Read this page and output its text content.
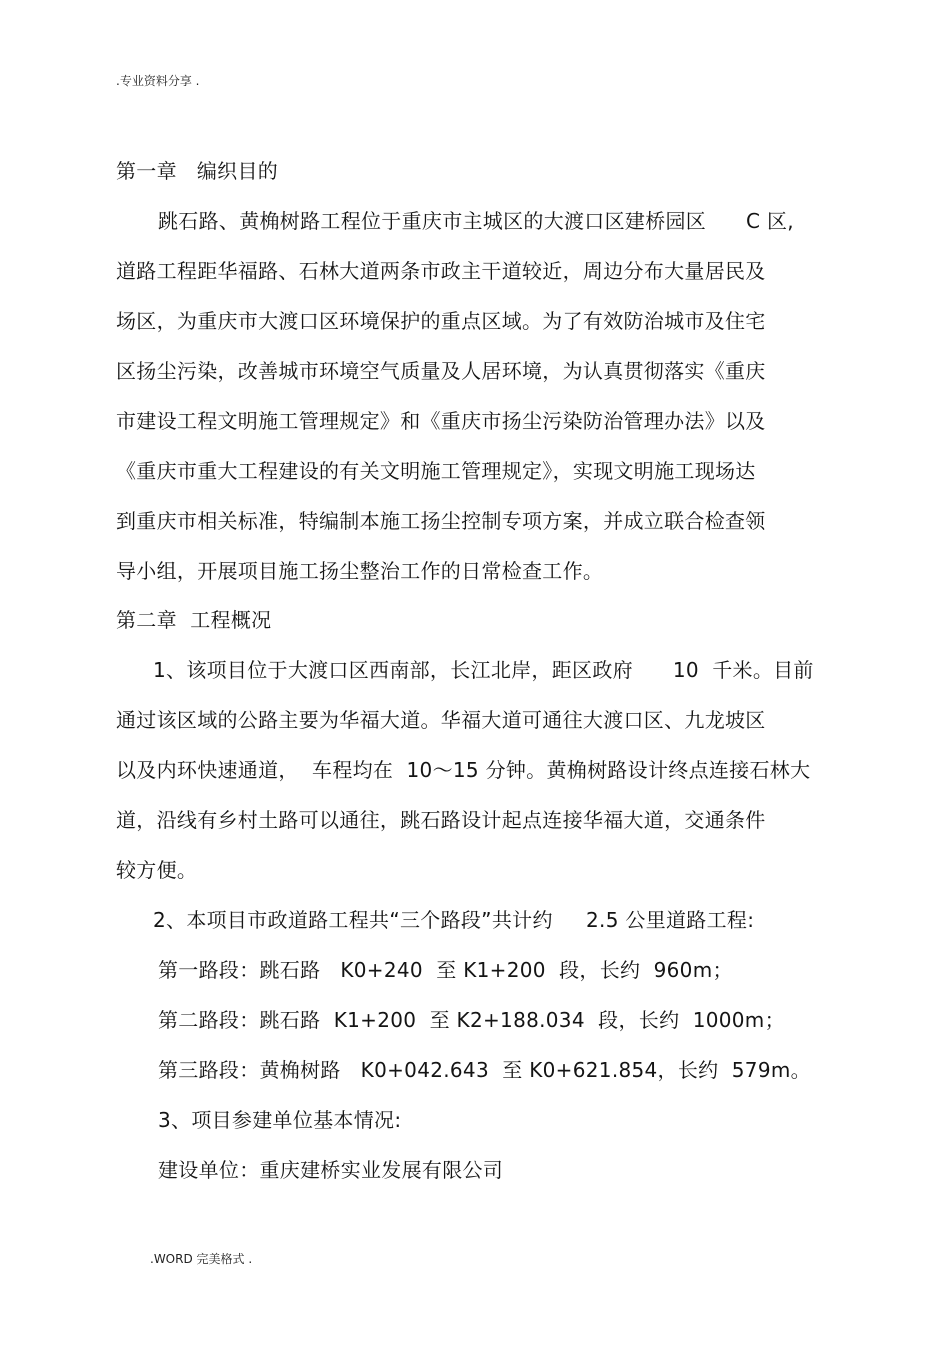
.专业资料分享 .

第一章   编织目的

跳石路、黄桷树路工程位于重庆市主城区的大渡口区建桥园区      C 区,

道路工程距华福路、石林大道两条市政主干道较近，周边分布大量居民及

场区，为重庆市大渡口区环境保护的重点区域。为了有效防治城市及住宅

区扬尘污染，改善城市环境空气质量及人居环境，为认真贯彻落实《重庆

市建设工程文明施工管理规定》和《重庆市扬尘污染防治管理办法》以及

《重庆市重大工程建设的有关文明施工管理规定》，实现文明施工现场达

到重庆市相关标准，特编制本施工扬尘控制专项方案，并成立联合检查领

导小组，开展项目施工扬尘整治工作的日常检查工作。

第二章  工程概况

1、该项目位于大渡口区西南部，长江北岸，距区政府      10  千米。目前

通过该区域的公路主要为华福大道。华福大道可通往大渡口区、九龙坡区

以及内环快速通道，  车程均在  10～15 分钟。黄桷树路设计终点连接石林大

道，沿线有乡村土路可以通往，跳石路设计起点连接华福大道，交通条件

较方便。

2、本项目市政道路工程共“三个路段”共计约     2.5 公里道路工程:

第一路段：跳石路   K0+240  至 K1+200  段，长约  960m；

第二路段：跳石路  K1+200  至 K2+188.034  段，长约  1000m；

第三路段：黄桷树路   K0+042.643  至 K0+621.854，长约  579m。

3、项目参建单位基本情况:

建设单位：重庆建桥实业发展有限公司

.WORD 完美格式 .
